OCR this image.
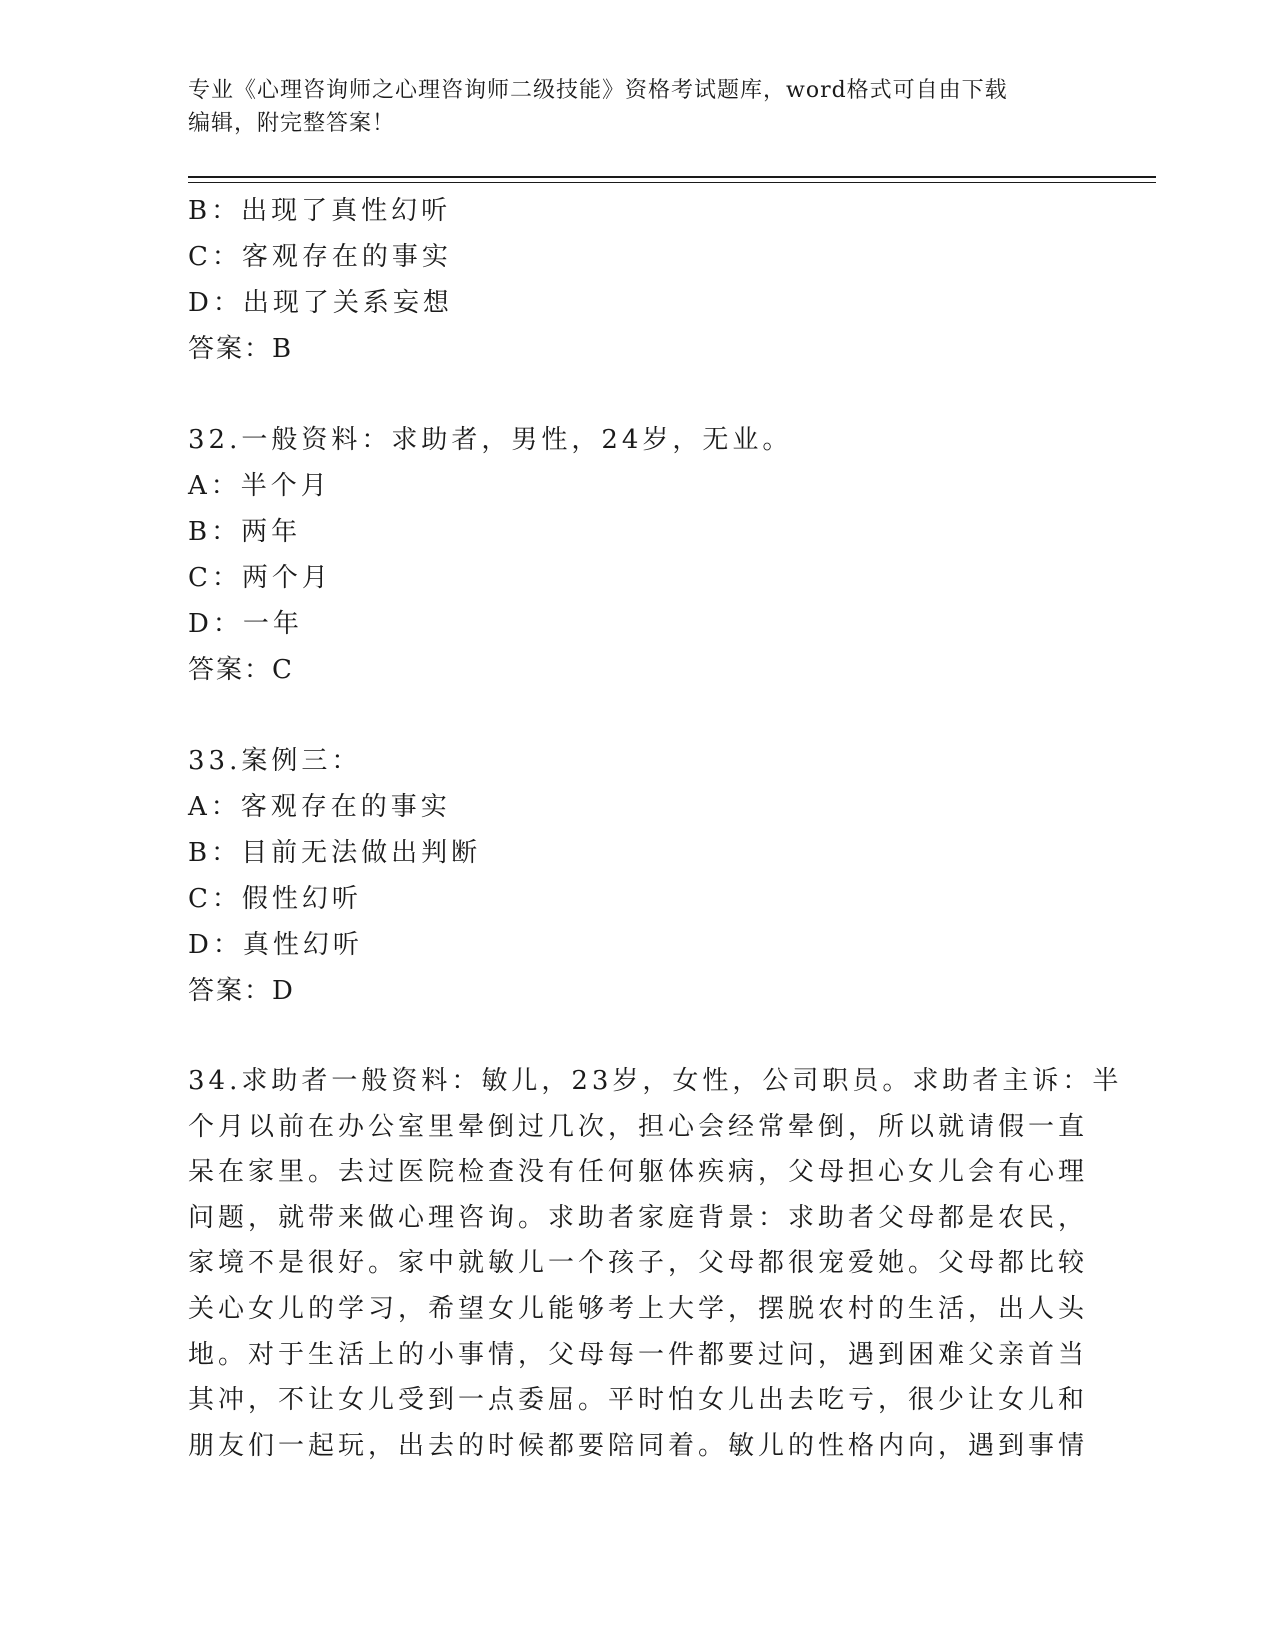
专业《心理咨询师之心理咨询师二级技能》资格考试题库，word格式可自由下载
编辑，附完整答案！
B：出现了真性幻听
C：客观存在的事实
D：出现了关系妄想
答案：B
32.一般资料：求助者，男性，24岁，无业。
A：半个月
B：两年
C：两个月
D：一年
答案：C
33.案例三：
A：客观存在的事实
B：目前无法做出判断
C：假性幻听
D：真性幻听
答案：D
34.求助者一般资料：敏儿，23岁，女性，公司职员。求助者主诉：半
个月以前在办公室里晕倒过几次，担心会经常晕倒，所以就请假一直
呆在家里。去过医院检查没有任何躯体疾病，父母担心女儿会有心理
问题，就带来做心理咨询。求助者家庭背景：求助者父母都是农民，
家境不是很好。家中就敏儿一个孩子，父母都很宠爱她。父母都比较
关心女儿的学习，希望女儿能够考上大学，摆脱农村的生活，出人头
地。对于生活上的小事情，父母每一件都要过问，遇到困难父亲首当
其冲，不让女儿受到一点委屈。平时怕女儿出去吃亏，很少让女儿和
朋友们一起玩，出去的时候都要陪同着。敏儿的性格内向，遇到事情
